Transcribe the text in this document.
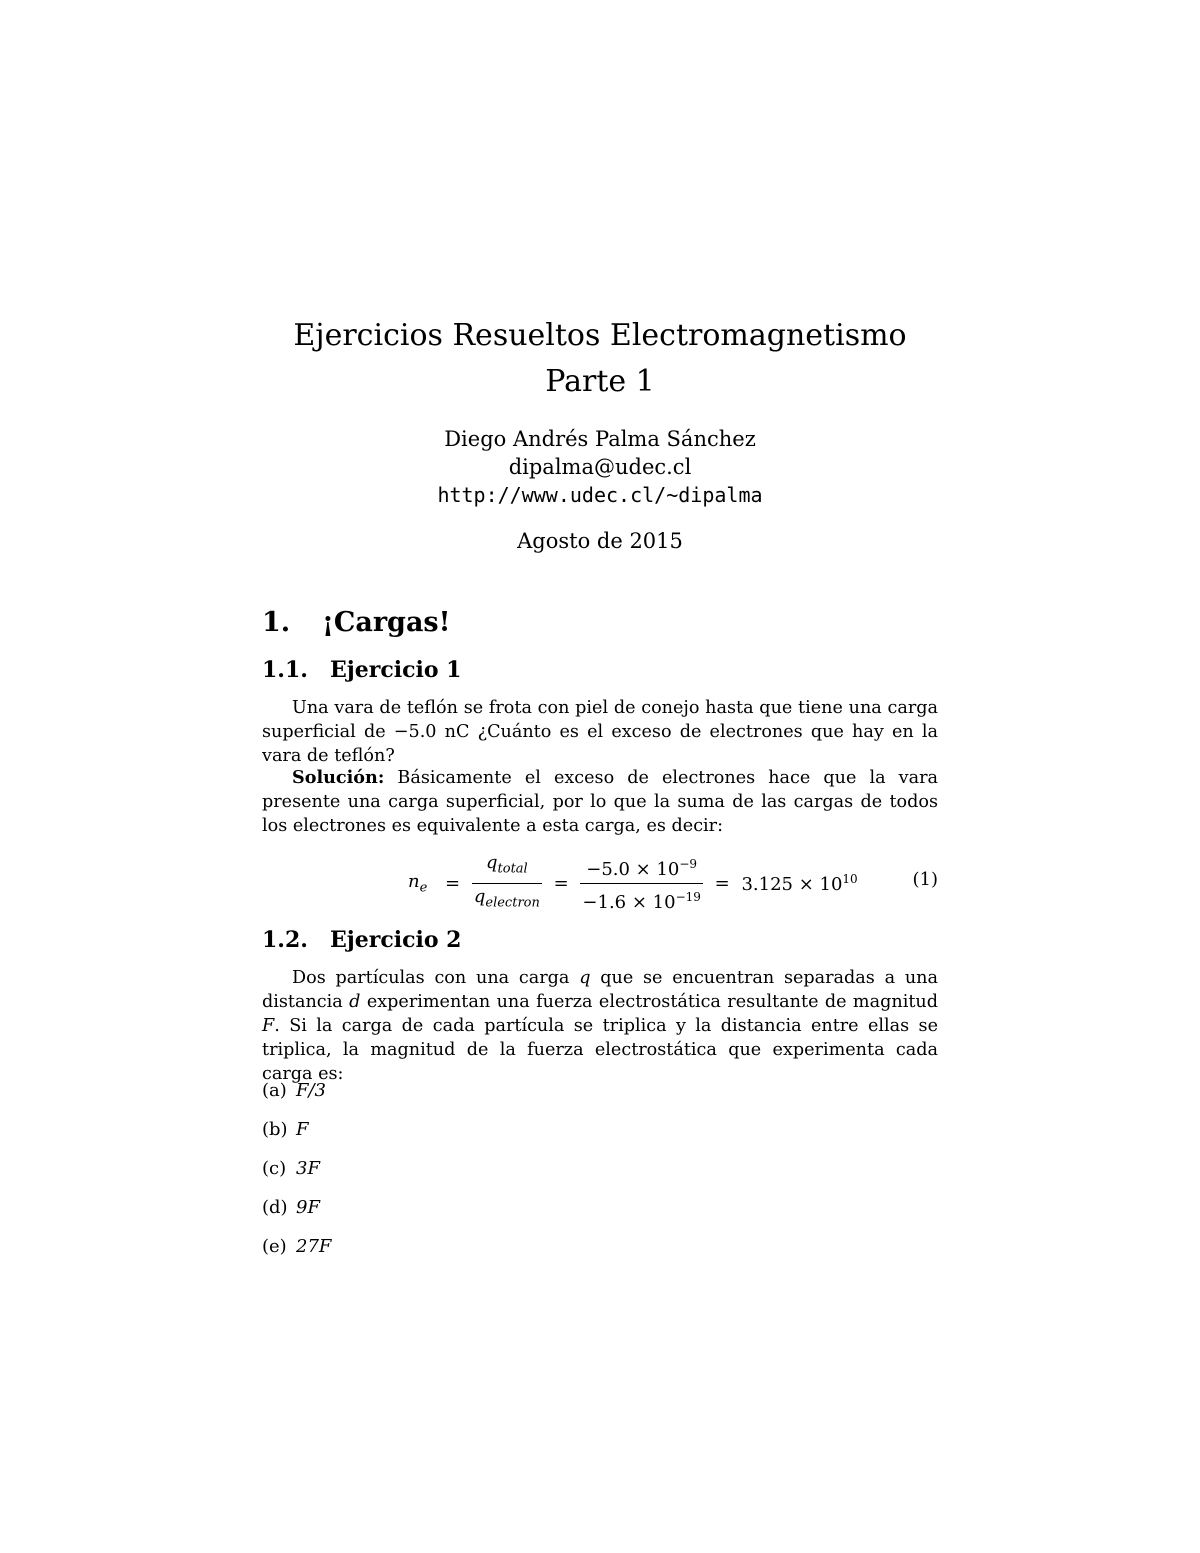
Ejercicios Resueltos Electromagnetismo
Parte 1
Diego Andrés Palma Sánchez
dipalma@udec.cl
http://www.udec.cl/~dipalma
Agosto de 2015
1. ¡Cargas!
1.1. Ejercicio 1
Una vara de teflón se frota con piel de conejo hasta que tiene una carga superficial de −5.0 nC ¿Cuánto es el exceso de electrones que hay en la vara de teflón?
Solución: Básicamente el exceso de electrones hace que la vara presente una carga superficial, por lo que la suma de las cargas de todos los electrones es equivalente a esta carga, es decir:
$n_e = \frac{q_{total}}{q_{electron}} = \frac{-5.0 \times 10^{-9}}{-1.6 \times 10^{-19}} = 3.125 \times 10^{10}$	(1)
1.2. Ejercicio 2
Dos partículas con una carga q que se encuentran separadas a una distancia d experimentan una fuerza electrostática resultante de magnitud F. Si la carga de cada partícula se triplica y la distancia entre ellas se triplica, la magnitud de la fuerza electrostática que experimenta cada carga es:
(a) F/3
(b) F
(c) 3F
(d) 9F
(e) 27F
